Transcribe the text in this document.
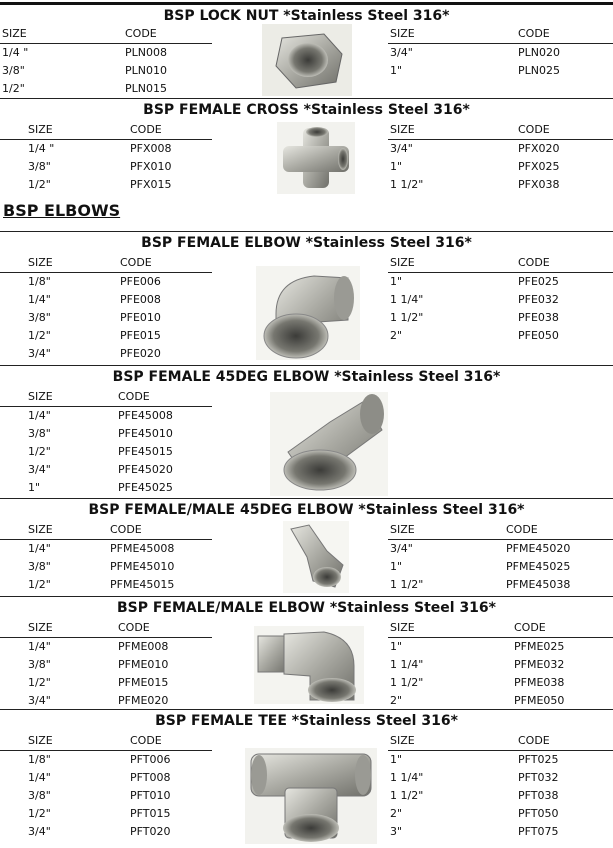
BSP ELBOWS
BSP LOCK NUT *Stainless Steel 316*
SIZE	CODE
1/4 "	PLN008
3/8"	PLN010
1/2"	PLN015
SIZE	CODE
3/4"	PLN020
1"	PLN025
BSP FEMALE CROSS *Stainless Steel 316*
SIZE	CODE
1/4 "	PFX008
3/8"	PFX010
1/2"	PFX015
SIZE	CODE
3/4"	PFX020
1"	PFX025
1 1/2"	PFX038
BSP FEMALE ELBOW *Stainless Steel 316*
SIZE	CODE
1/8"	PFE006
1/4"	PFE008
3/8"	PFE010
1/2"	PFE015
3/4"	PFE020
SIZE	CODE
1"	PFE025
1 1/4"	PFE032
1 1/2"	PFE038
2"	PFE050
BSP FEMALE 45DEG ELBOW *Stainless Steel 316*
SIZE	CODE
1/4"	PFE45008
3/8"	PFE45010
1/2"	PFE45015
3/4"	PFE45020
1"	PFE45025
BSP FEMALE/MALE 45DEG ELBOW *Stainless Steel 316*
SIZE	CODE
1/4"	PFME45008
3/8"	PFME45010
1/2"	PFME45015
SIZE	CODE
3/4"	PFME45020
1"	PFME45025
1 1/2"	PFME45038
BSP FEMALE/MALE ELBOW *Stainless Steel 316*
SIZE	CODE
1/4"	PFME008
3/8"	PFME010
1/2"	PFME015
3/4"	PFME020
SIZE	CODE
1"	PFME025
1 1/4"	PFME032
1 1/2"	PFME038
2"	PFME050
BSP FEMALE TEE *Stainless Steel 316*
SIZE	CODE
1/8"	PFT006
1/4"	PFT008
3/8"	PFT010
1/2"	PFT015
3/4"	PFT020
SIZE	CODE
1"	PFT025
1 1/4"	PFT032
1 1/2"	PFT038
2"	PFT050
3"	PFT075
